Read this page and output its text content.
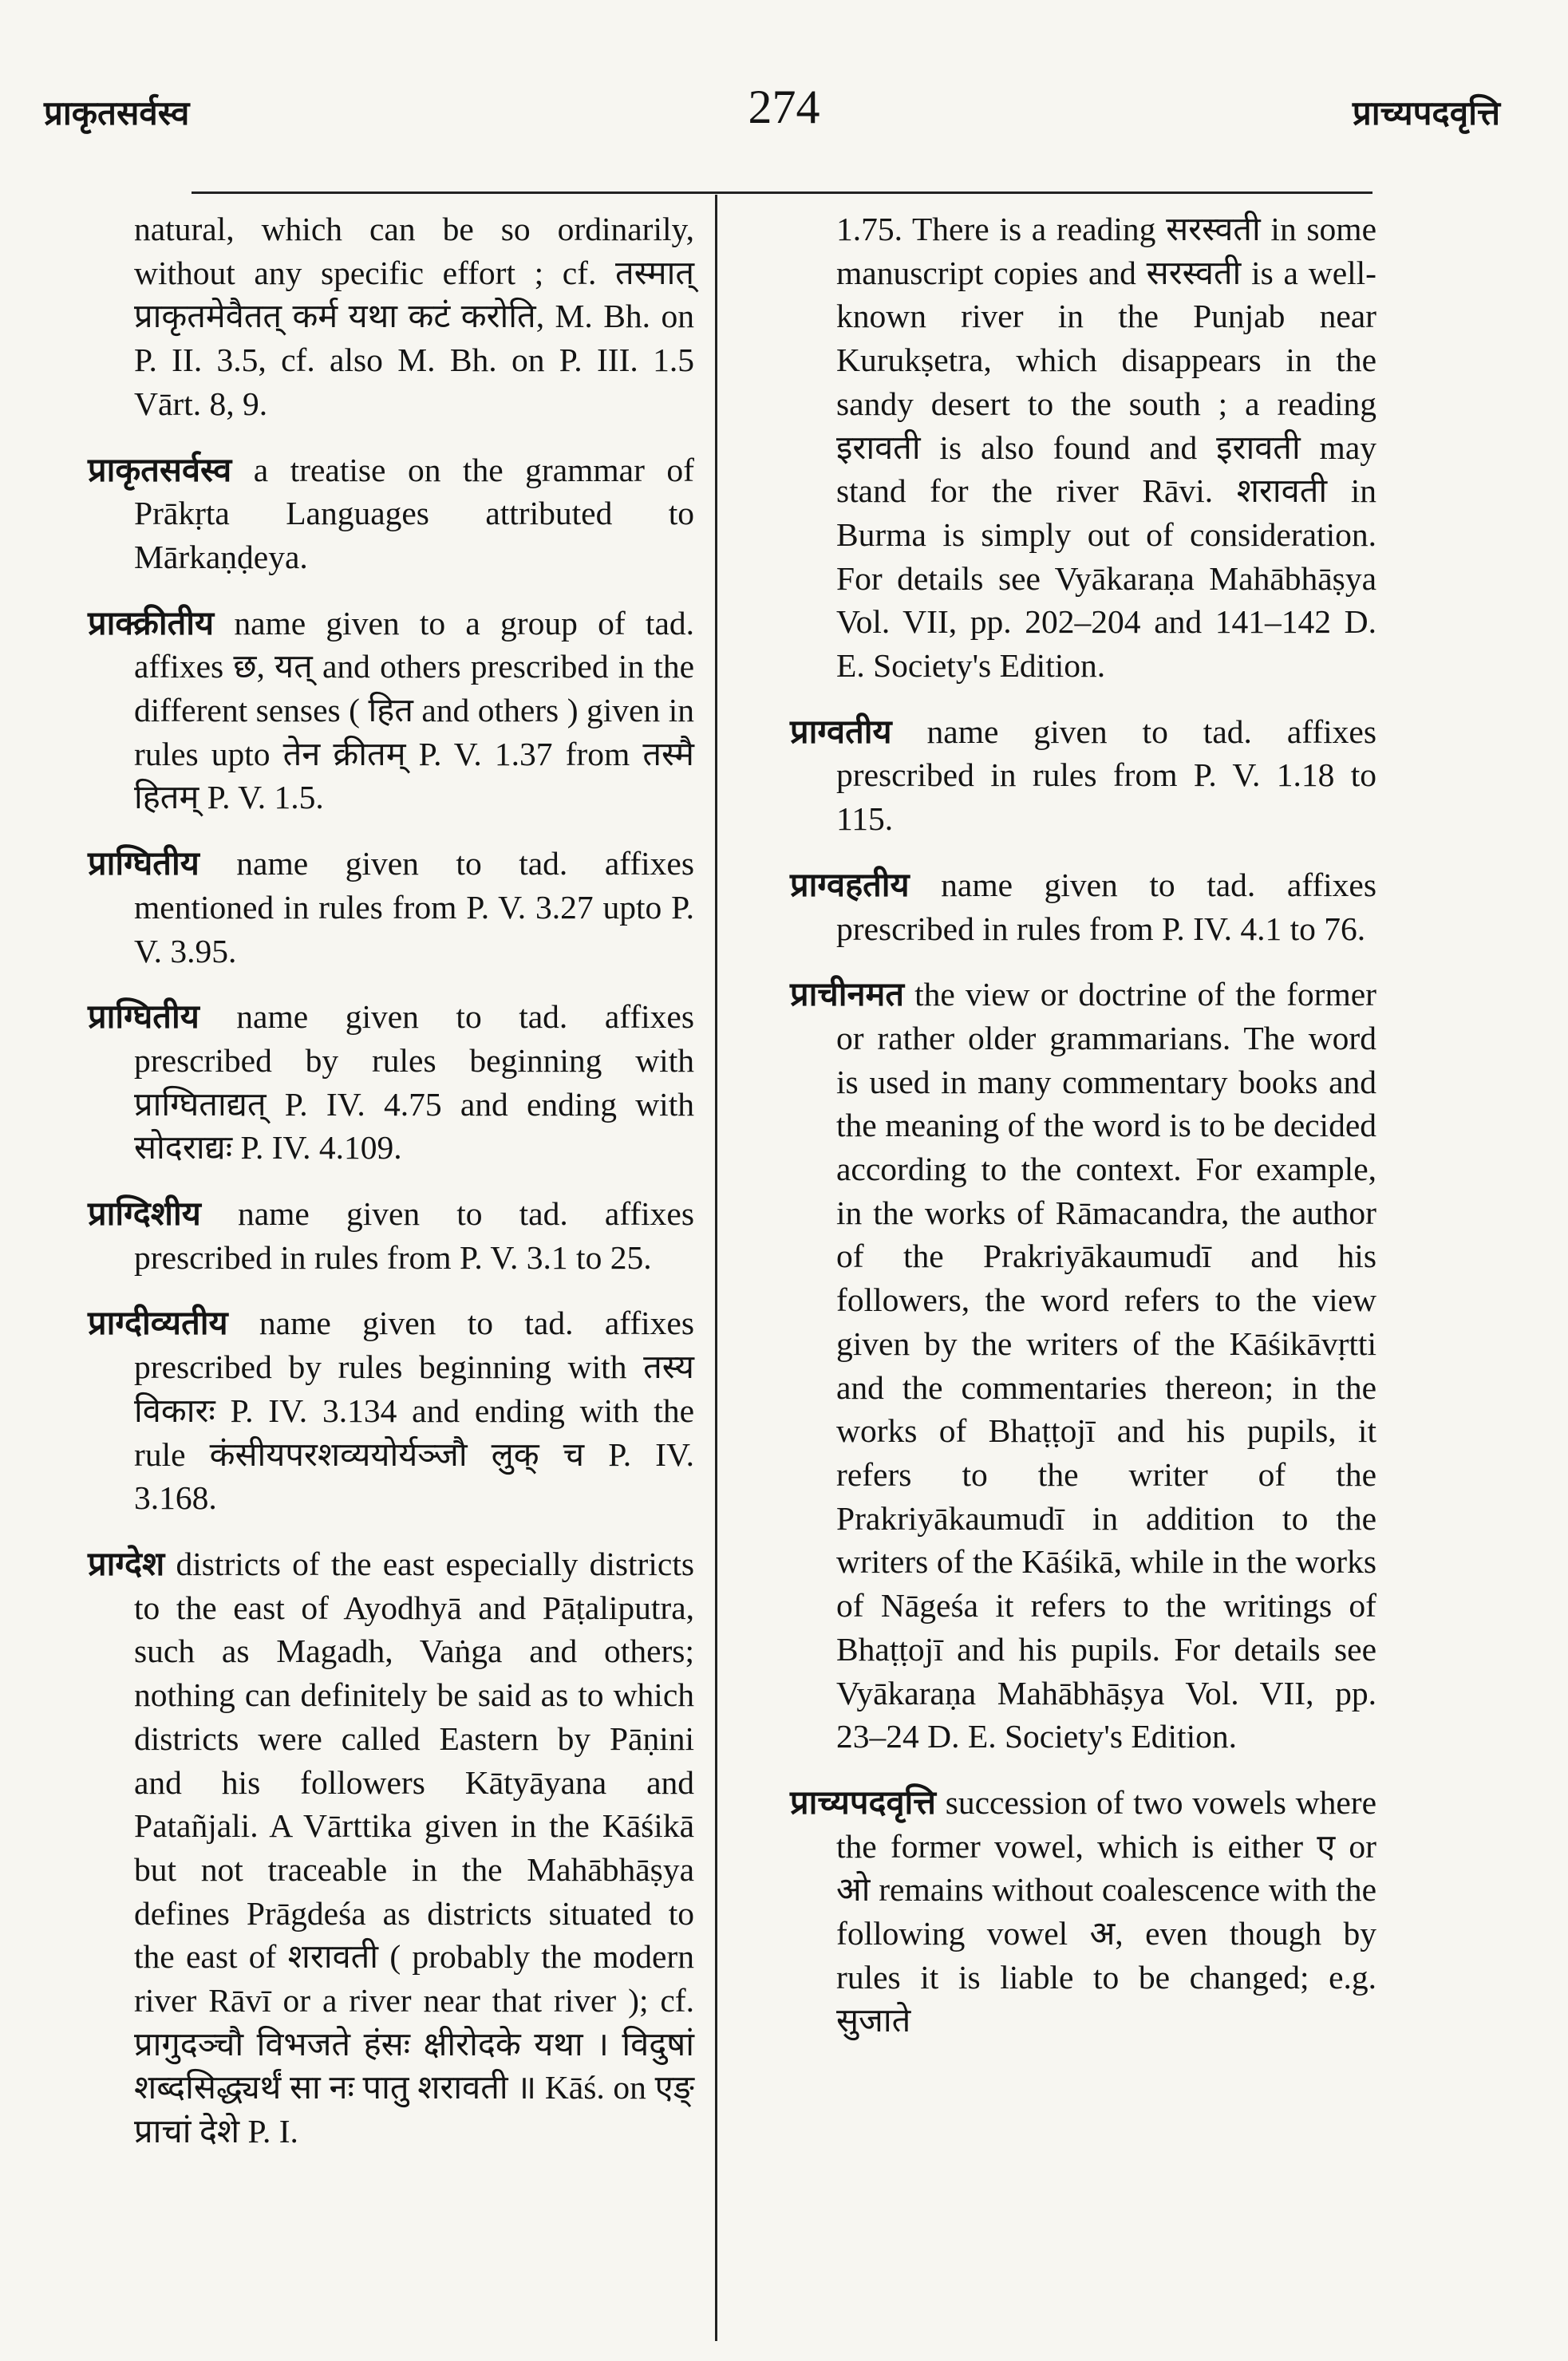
प्राकृतसर्वस्व	274	प्राच्यपदवृत्ति

natural, which can be so ordinarily, without any specific effort ; cf. तस्मात् प्राकृतमेवैतत् कर्म यथा कटं करोति, M. Bh. on P. II. 3.5, cf. also M. Bh. on P. III. 1.5 Vārt. 8, 9.

प्राकृतसर्वस्व a treatise on the grammar of Prākṛta Languages attributed to Mārkaṇḍeya.

प्राक्क्रीतीय name given to a group of tad. affixes छ, यत् and others prescribed in the different senses ( हित and others ) given in rules upto तेन क्रीतम् P. V. 1.37 from तस्मै हितम् P. V. 1.5.

प्राग्घितीय name given to tad. affixes mentioned in rules from P. V. 3.27 upto P. V. 3.95.

प्राग्घितीय name given to tad. affixes prescribed by rules beginning with प्राग्घिताद्यत् P. IV. 4.75 and ending with सोदराद्यः P. IV. 4.109.

प्राग्दिशीय name given to tad. affixes prescribed in rules from P. V. 3.1 to 25.

प्राग्दीव्यतीय name given to tad. affixes prescribed by rules beginning with तस्य विकारः P. IV. 3.134 and ending with the rule कंसीयपरशव्ययोर्यञ्जौ लुक् च P. IV. 3.168.

प्राग्देश districts of the east especially districts to the east of Ayodhyā and Pāṭaliputra, such as Magadh, Vaṅga and others; nothing can definitely be said as to which districts were called Eastern by Pāṇini and his followers Kātyāyana and Patañjali. A Vārttika given in the Kāśikā but not traceable in the Mahābhāṣya defines Prāgdeśa as districts situated to the east of शरावती ( probably the modern river Rāvī or a river near that river ); cf. प्रागुदञ्चौ विभजते हंसः क्षीरोदके यथा । विदुषां शब्दसिद्ध्यर्थं सा नः पातु शरावती ॥ Kāś. on एङ् प्राचां देशे P. I.

1.75. There is a reading सरस्वती in some manuscript copies and सरस्वती is a well-known river in the Punjab near Kurukṣetra, which disappears in the sandy desert to the south ; a reading इरावती is also found and इरावती may stand for the river Rāvi. शरावती in Burma is simply out of consideration. For details see Vyākaraṇa Mahābhāṣya Vol. VII, pp. 202–204 and 141–142 D. E. Society's Edition.

प्राग्वतीय name given to tad. affixes prescribed in rules from P. V. 1.18 to 115.

प्राग्वहतीय name given to tad. affixes prescribed in rules from P. IV. 4.1 to 76.

प्राचीनमत the view or doctrine of the former or rather older grammarians. The word is used in many commentary books and the meaning of the word is to be decided according to the context. For example, in the works of Rāmacandra, the author of the Prakriyākaumudī and his followers, the word refers to the view given by the writers of the Kāśikāvṛtti and the commentaries thereon; in the works of Bhaṭṭojī and his pupils, it refers to the writer of the Prakriyākaumudī in addition to the writers of the Kāśikā, while in the works of Nāgeśa it refers to the writings of Bhaṭṭojī and his pupils. For details see Vyākaraṇa Mahābhāṣya Vol. VII, pp. 23–24 D. E. Society's Edition.

प्राच्यपदवृत्ति succession of two vowels where the former vowel, which is either ए or ओ remains without coalescence with the following vowel अ, even though by rules it is liable to be changed; e.g. सुजाते
